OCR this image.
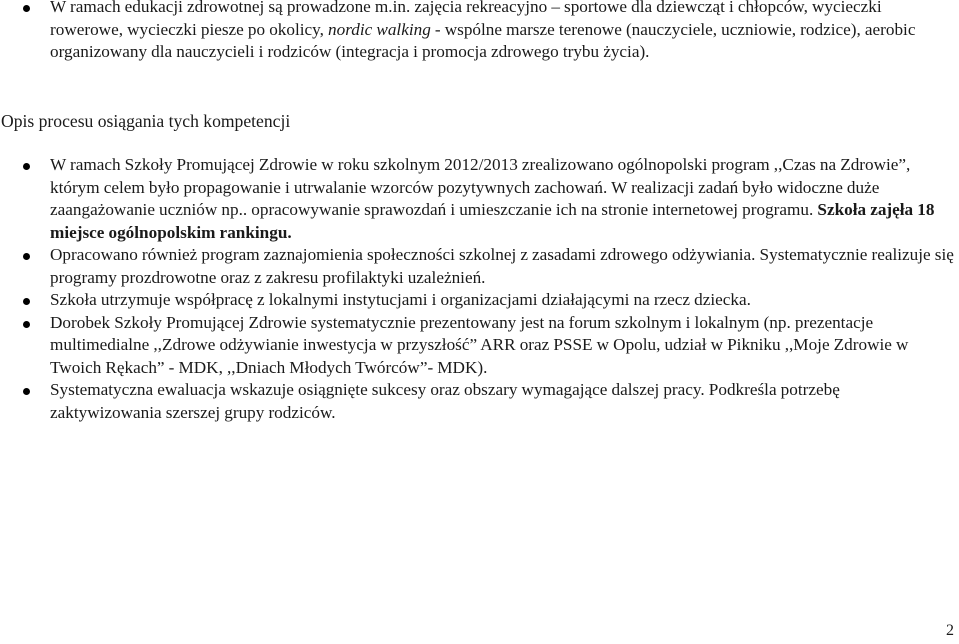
W ramach edukacji zdrowotnej są prowadzone m.in. zajęcia rekreacyjno – sportowe dla dziewcząt i chłopców, wycieczki rowerowe, wycieczki piesze po okolicy, nordic walking - wspólne marsze terenowe (nauczyciele, uczniowie, rodzice), aerobic organizowany dla nauczycieli i rodziców (integracja i promocja zdrowego trybu życia).
Opis procesu osiągania tych kompetencji
W ramach Szkoły Promującej Zdrowie w roku szkolnym 2012/2013 zrealizowano ogólnopolski program ,,Czas na Zdrowie”, którym celem było propagowanie i utrwalanie wzorców pozytywnych zachowań. W realizacji zadań było widoczne duże zaangażowanie uczniów np.. opracowywanie sprawozdań i umieszczanie ich na stronie internetowej programu. Szkoła zajęła 18 miejsce ogólnopolskim rankingu.
Opracowano również program zaznajomienia społeczności szkolnej z zasadami zdrowego odżywiania. Systematycznie realizuje się programy prozdrowotne oraz z zakresu profilaktyki uzależnień.
Szkoła utrzymuje współpracę z lokalnymi instytucjami i organizacjami działającymi na rzecz dziecka.
Dorobek Szkoły Promującej Zdrowie systematycznie prezentowany jest na forum szkolnym i lokalnym (np. prezentacje multimedialne ,,Zdrowe odżywianie inwestycja w przyszłość” ARR oraz PSSE w Opolu, udział w Pikniku ,,Moje Zdrowie w Twoich Rękach” - MDK, ,,Dniach Młodych Twórców”- MDK).
Systematyczna ewaluacja wskazuje osiągnięte sukcesy oraz obszary wymagające dalszej pracy. Podkreśla potrzebę zaktywizowania szerszej grupy rodziców.
2
